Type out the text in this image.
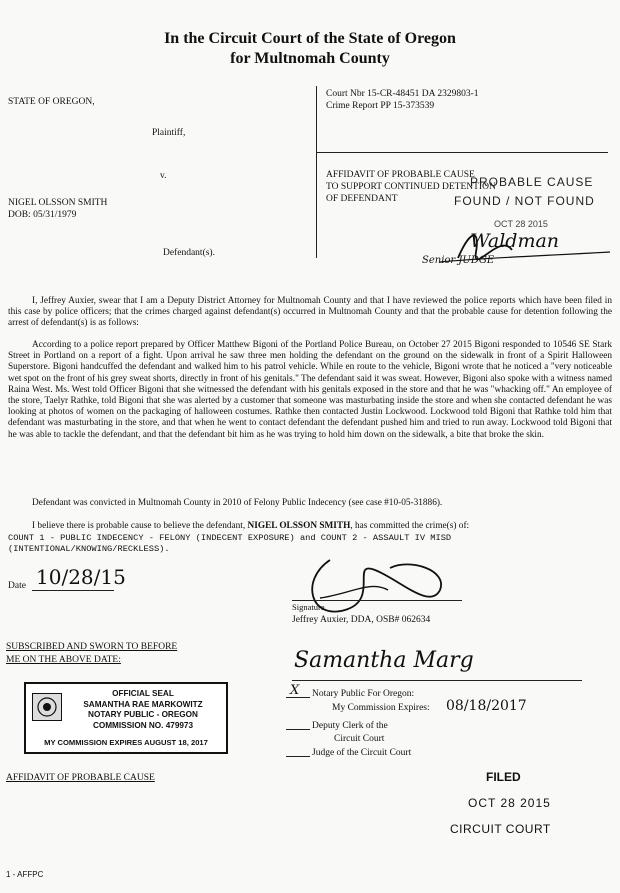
In the Circuit Court of the State of Oregon
for Multnomah County
STATE OF OREGON,
Plaintiff,
v.
NIGEL OLSSON SMITH
DOB: 05/31/1979
Defendant(s).
Court Nbr 15-CR-48451 DA 2329803-1
Crime Report PP 15-373539
AFFIDAVIT OF PROBABLE CAUSE
TO SUPPORT CONTINUED DETENTION
OF DEFENDANT
PROBABLE CAUSE
FOUND / NOT FOUND
OCT 28 2015
Waldman
Senior JUDGE
I, Jeffrey Auxier, swear that I am a Deputy District Attorney for Multnomah County and that I have reviewed the police reports which have been filed in this case by police officers; that the crimes charged against defendant(s) occurred in Multnomah County and that the probable cause for detention following the arrest of defendant(s) is as follows:
According to a police report prepared by Officer Matthew Bigoni of the Portland Police Bureau, on October 27 2015 Bigoni responded to 10546 SE Stark Street in Portland on a report of a fight. Upon arrival he saw three men holding the defendant on the ground on the sidewalk in front of a Spirit Halloween Superstore. Bigoni handcuffed the defendant and walked him to his patrol vehicle. While en route to the vehicle, Bigoni wrote that he noticed a "very noticeable wet spot on the front of his grey sweat shorts, directly in front of his genitals." The defendant said it was sweat. However, Bigoni also spoke with a witness named Raina West. Ms. West told Officer Bigoni that she witnessed the defendant with his genitals exposed in the store and that he was "whacking off." An employee of the store, Taelyr Rathke, told Bigoni that she was alerted by a customer that someone was masturbating inside the store and when she contacted defendant he was looking at photos of women on the packaging of halloween costumes. Rathke then contacted Justin Lockwood. Lockwood told Bigoni that Rathke told him that defendant was masturbating in the store, and that when he went to contact defendant the defendant pushed him and tried to run away. Lockwood told Bigoni that he was able to tackle the defendant, and that the defendant bit him as he was trying to hold him down on the sidewalk, a bite that broke the skin.
Defendant was convicted in Multnomah County in 2010 of Felony Public Indecency (see case #10-05-31886).
I believe there is probable cause to believe the defendant, NIGEL OLSSON SMITH, has committed the crime(s) of:
COUNT 1 - PUBLIC INDECENCY - FELONY (INDECENT EXPOSURE) and COUNT 2 - ASSAULT IV MISD
(INTENTIONAL/KNOWING/RECKLESS).
Date 10/28/15
Signature
Jeffrey Auxier, DDA, OSB# 062634
SUBSCRIBED AND SWORN TO BEFORE
ME ON THE ABOVE DATE:	Samantha Marg
X Notary Public For Oregon:
My Commission Expires: 08/18/2017
Deputy Clerk of the
Circuit Court
Judge of the Circuit Court
OFFICIAL SEAL
SAMANTHA RAE MARKOWITZ
NOTARY PUBLIC - OREGON
COMMISSION NO. 479973
MY COMMISSION EXPIRES AUGUST 18, 2017
AFFIDAVIT OF PROBABLE CAUSE	FILED
OCT 28 2015
CIRCUIT COURT
1 - AFFPC
